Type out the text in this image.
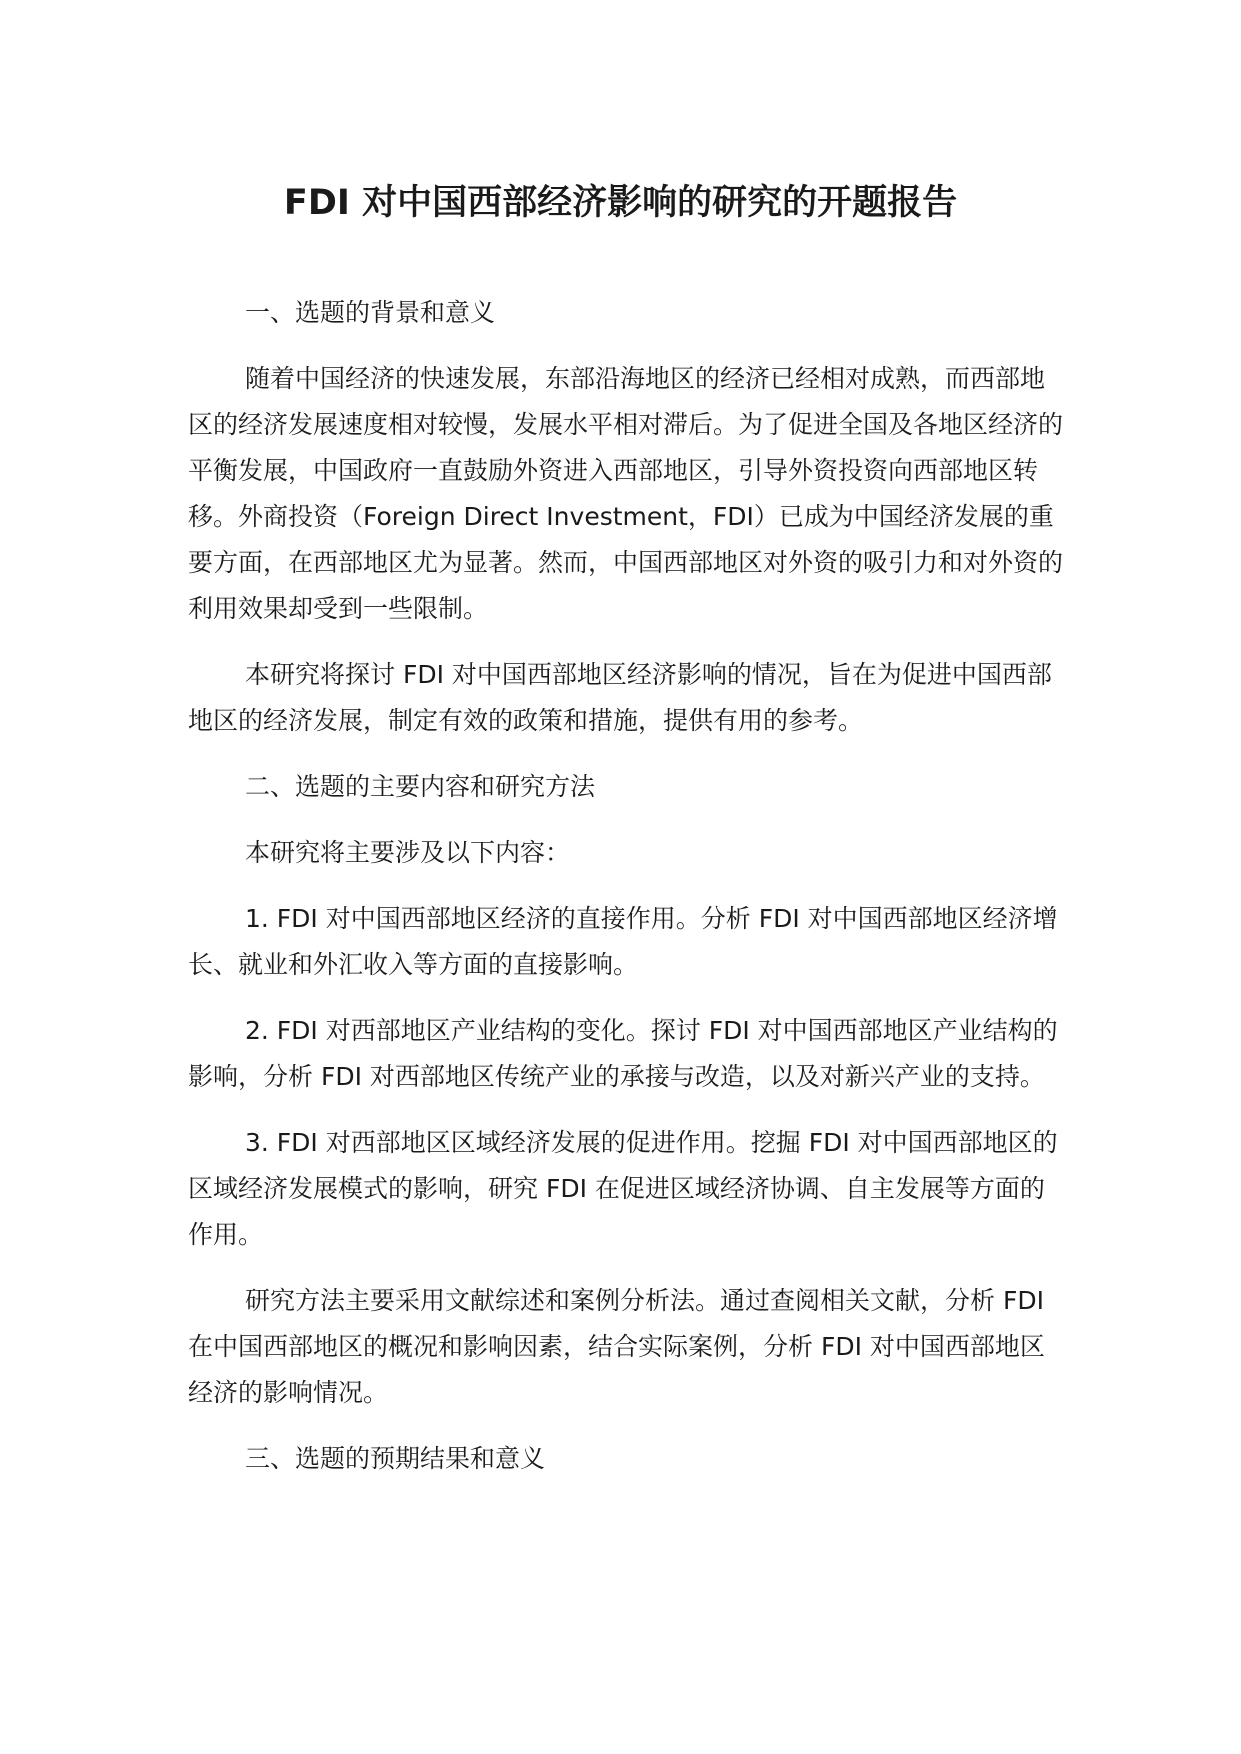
FDI 对中国西部经济影响的研究的开题报告

一、选题的背景和意义

随着中国经济的快速发展，东部沿海地区的经济已经相对成熟，而西部地区的经济发展速度相对较慢，发展水平相对滞后。为了促进全国及各地区经济的平衡发展，中国政府一直鼓励外资进入西部地区，引导外资投资向西部地区转移。外商投资（Foreign Direct Investment，FDI）已成为中国经济发展的重要方面，在西部地区尤为显著。然而，中国西部地区对外资的吸引力和对外资的利用效果却受到一些限制。

本研究将探讨 FDI 对中国西部地区经济影响的情况，旨在为促进中国西部地区的经济发展，制定有效的政策和措施，提供有用的参考。

二、选题的主要内容和研究方法

本研究将主要涉及以下内容：

1. FDI 对中国西部地区经济的直接作用。分析 FDI 对中国西部地区经济增长、就业和外汇收入等方面的直接影响。

2. FDI 对西部地区产业结构的变化。探讨 FDI 对中国西部地区产业结构的影响，分析 FDI 对西部地区传统产业的承接与改造，以及对新兴产业的支持。

3. FDI 对西部地区区域经济发展的促进作用。挖掘 FDI 对中国西部地区的区域经济发展模式的影响，研究 FDI 在促进区域经济协调、自主发展等方面的作用。

研究方法主要采用文献综述和案例分析法。通过查阅相关文献，分析 FDI 在中国西部地区的概况和影响因素，结合实际案例，分析 FDI 对中国西部地区经济的影响情况。

三、选题的预期结果和意义
